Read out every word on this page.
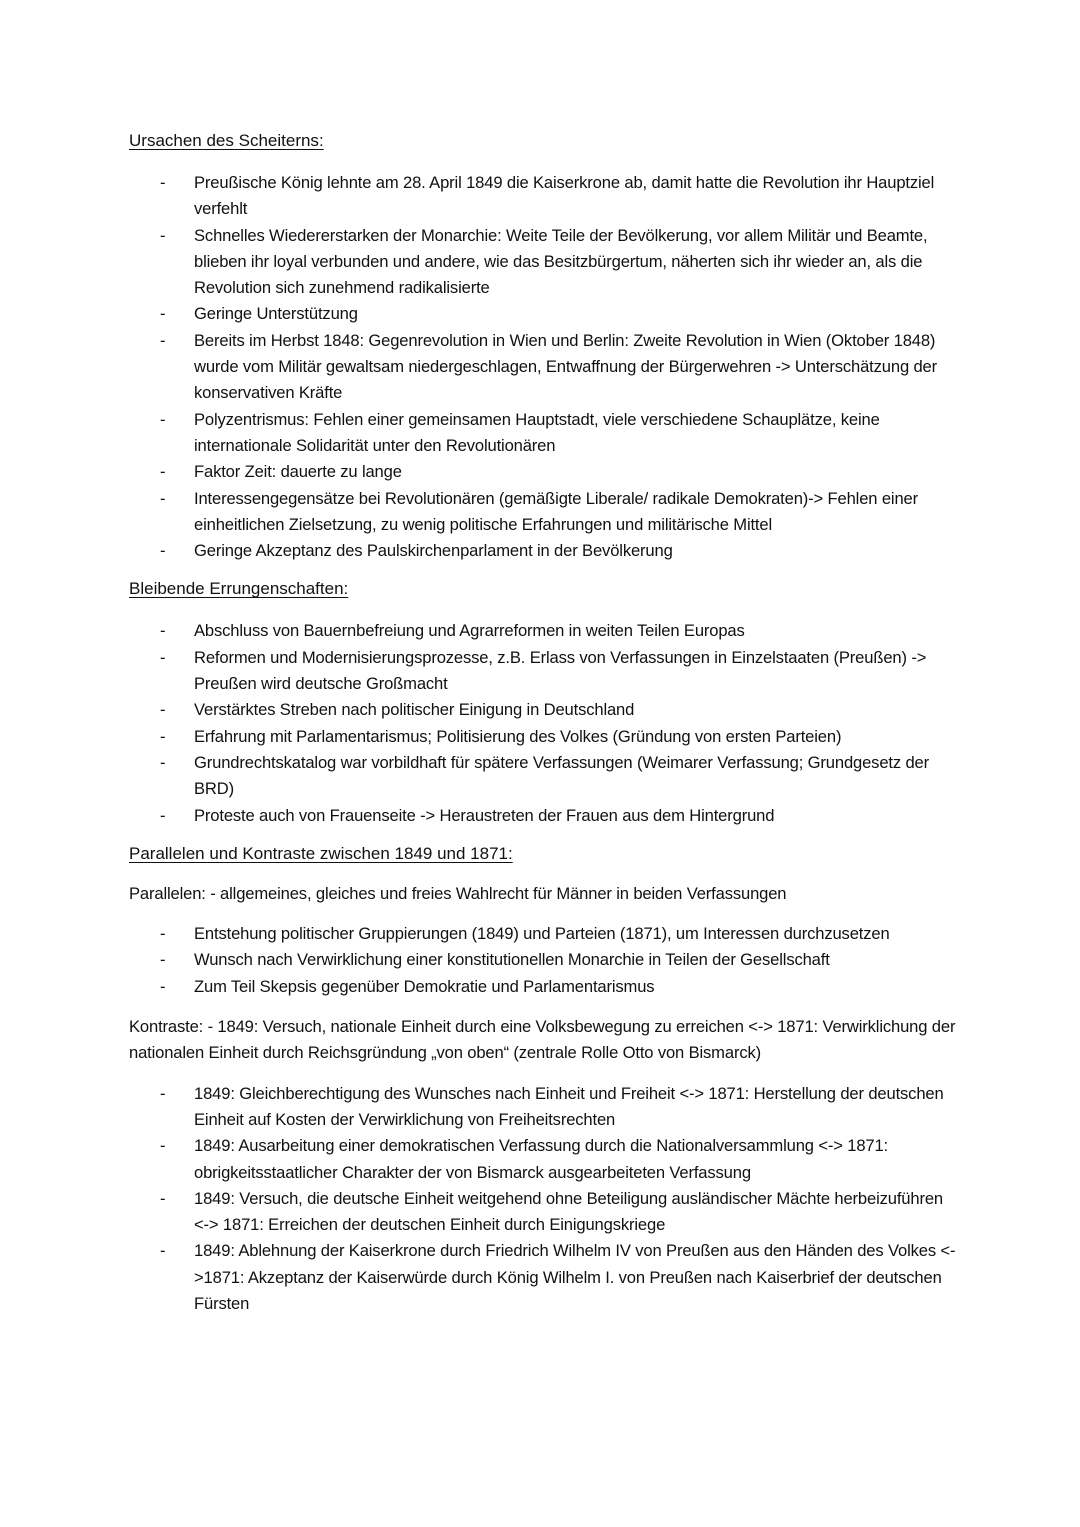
Ursachen des Scheiterns:

- Preußische König lehnte am 28. April 1849 die Kaiserkrone ab, damit hatte die Revolution ihr Hauptziel verfehlt
- Schnelles Wiedererstarken der Monarchie: Weite Teile der Bevölkerung, vor allem Militär und Beamte, blieben ihr loyal verbunden und andere, wie das Besitzbürgertum, näherten sich ihr wieder an, als die Revolution sich zunehmend radikalisierte
- Geringe Unterstützung
- Bereits im Herbst 1848: Gegenrevolution in Wien und Berlin: Zweite Revolution in Wien (Oktober 1848) wurde vom Militär gewaltsam niedergeschlagen, Entwaffnung der Bürgerwehren -> Unterschätzung der konservativen Kräfte
- Polyzentrismus: Fehlen einer gemeinsamen Hauptstadt, viele verschiedene Schauplätze, keine internationale Solidarität unter den Revolutionären
- Faktor Zeit: dauerte zu lange
- Interessengegensätze bei Revolutionären (gemäßigte Liberale/ radikale Demokraten)-> Fehlen einer einheitlichen Zielsetzung, zu wenig politische Erfahrungen und militärische Mittel
- Geringe Akzeptanz des Paulskirchenparlament in der Bevölkerung

Bleibende Errungenschaften:

- Abschluss von Bauernbefreiung und Agrarreformen in weiten Teilen Europas
- Reformen und Modernisierungsprozesse, z.B. Erlass von Verfassungen in Einzelstaaten (Preußen) -> Preußen wird deutsche Großmacht
- Verstärktes Streben nach politischer Einigung in Deutschland
- Erfahrung mit Parlamentarismus; Politisierung des Volkes (Gründung von ersten Parteien)
- Grundrechtskatalog war vorbildhaft für spätere Verfassungen (Weimarer Verfassung; Grundgesetz der BRD)
- Proteste auch von Frauenseite -> Heraustreten der Frauen aus dem Hintergrund

Parallelen und Kontraste zwischen 1849 und 1871:

Parallelen: - allgemeines, gleiches und freies Wahlrecht für Männer in beiden Verfassungen

- Entstehung politischer Gruppierungen (1849) und Parteien (1871), um Interessen durchzusetzen
- Wunsch nach Verwirklichung einer konstitutionellen Monarchie in Teilen der Gesellschaft
- Zum Teil Skepsis gegenüber Demokratie und Parlamentarismus

Kontraste: - 1849: Versuch, nationale Einheit durch eine Volksbewegung zu erreichen <-> 1871: Verwirklichung der nationalen Einheit durch Reichsgründung „von oben“ (zentrale Rolle Otto von Bismarck)

- 1849: Gleichberechtigung des Wunsches nach Einheit und Freiheit <-> 1871: Herstellung der deutschen Einheit auf Kosten der Verwirklichung von Freiheitsrechten
- 1849: Ausarbeitung einer demokratischen Verfassung durch die Nationalversammlung <-> 1871: obrigkeitsstaatlicher Charakter der von Bismarck ausgearbeiteten Verfassung
- 1849: Versuch, die deutsche Einheit weitgehend ohne Beteiligung ausländischer Mächte herbeizuführen <-> 1871: Erreichen der deutschen Einheit durch Einigungskriege
- 1849: Ablehnung der Kaiserkrone durch Friedrich Wilhelm IV von Preußen aus den Händen des Volkes <->1871: Akzeptanz der Kaiserwürde durch König Wilhelm I. von Preußen nach Kaiserbrief der deutschen Fürsten
